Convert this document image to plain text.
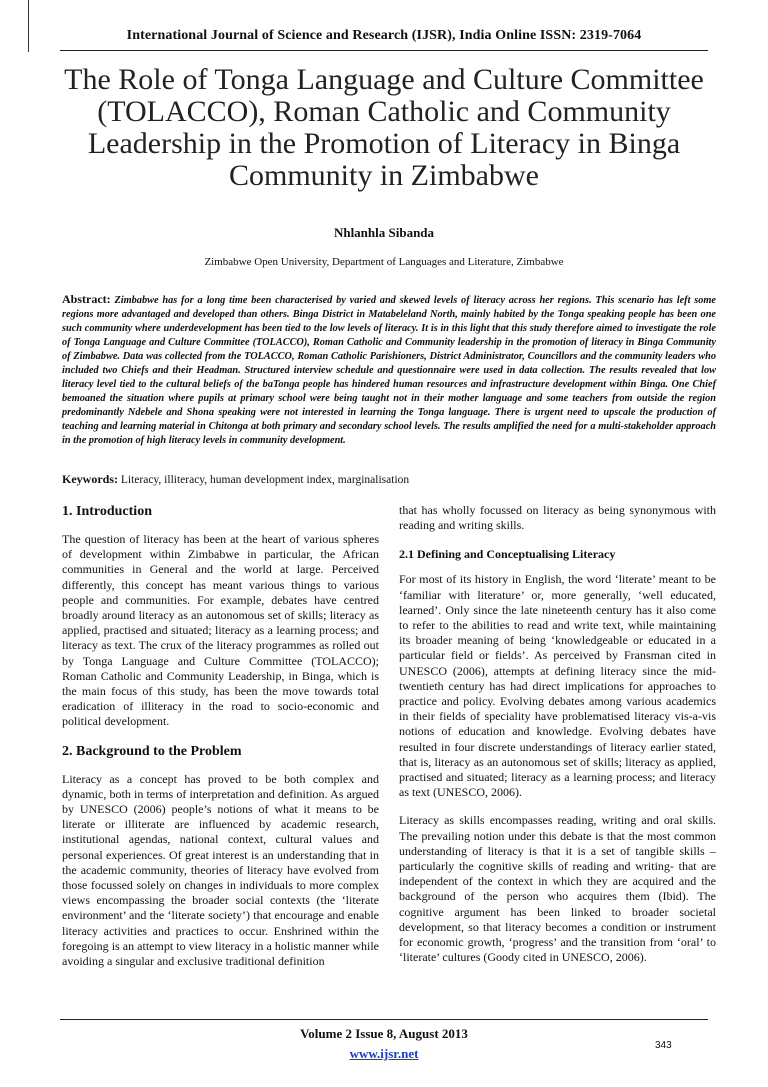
International Journal of Science and Research (IJSR), India Online ISSN: 2319-7064
The Role of Tonga Language and Culture Committee (TOLACCO), Roman Catholic and Community Leadership in the Promotion of Literacy in Binga Community in Zimbabwe
Nhlanhla Sibanda
Zimbabwe Open University, Department of Languages and Literature, Zimbabwe

Abstract: Zimbabwe has for a long time been characterised by varied and skewed levels of literacy across her regions. This scenario has left some regions more advantaged and developed than others. Binga District in Matabeleland North, mainly habited by the Tonga speaking people has been one such community where underdevelopment has been tied to the low levels of literacy. It is in this light that this study therefore aimed to investigate the role of Tonga Language and Culture Committee (TOLACCO), Roman Catholic and Community leadership in the promotion of literacy in Binga Community of Zimbabwe. Data was collected from the TOLACCO, Roman Catholic Parishioners, District Administrator, Councillors and the community leaders who included two Chiefs and their Headman. Structured interview schedule and questionnaire were used in data collection. The results revealed that low literacy level tied to the cultural beliefs of the baTonga people has hindered human resources and infrastructure development within Binga. One Chief bemoaned the situation where pupils at primary school were being taught not in their mother language and some teachers from outside the region predominantly Ndebele and Shona speaking were not interested in learning the Tonga language. There is urgent need to upscale the production of teaching and learning material in Chitonga at both primary and secondary school levels. The results amplified the need for a multi-stakeholder approach in the promotion of high literacy levels in community development.

Keywords: Literacy, illiteracy, human development index, marginalisation

1. Introduction

The question of literacy has been at the heart of various spheres of development within Zimbabwe in particular, the African communities in General and the world at large. Perceived differently, this concept has meant various things to various people and communities. For example, debates have centred broadly around literacy as an autonomous set of skills; literacy as applied, practised and situated; literacy as a learning process; and literacy as text. The crux of the literacy programmes as rolled out by Tonga Language and Culture Committee (TOLACCO); Roman Catholic and Community Leadership, in Binga, which is the main focus of this study, has been the move towards total eradication of illiteracy in the road to socio-economic and political development.

2. Background to the Problem

Literacy as a concept has proved to be both complex and dynamic, both in terms of interpretation and definition. As argued by UNESCO (2006) people’s notions of what it means to be literate or illiterate are influenced by academic research, institutional agendas, national context, cultural values and personal experiences. Of great interest is an understanding that in the academic community, theories of literacy have evolved from those focussed solely on changes in individuals to more complex views encompassing the broader social contexts (the ‘literate environment’ and the ‘literate society’) that encourage and enable literacy activities and practices to occur. Enshrined within the foregoing is an attempt to view literacy in a holistic manner while avoiding a singular and exclusive traditional definition

that has wholly focussed on literacy as being synonymous with reading and writing skills.

2.1 Defining and Conceptualising Literacy

For most of its history in English, the word ‘literate’ meant to be ‘familiar with literature’ or, more generally, ‘well educated, learned’. Only since the late nineteenth century has it also come to refer to the abilities to read and write text, while maintaining its broader meaning of being ‘knowledgeable or educated in a particular field or fields’. As perceived by Fransman cited in UNESCO (2006), attempts at defining literacy since the mid-twentieth century has had direct implications for approaches to practice and policy. Evolving debates among various academics in their fields of speciality have problematised literacy vis-a-vis notions of education and knowledge. Evolving debates have resulted in four discrete understandings of literacy earlier stated, that is, literacy as an autonomous set of skills; literacy as applied, practised and situated; literacy as a learning process; and literacy as text (UNESCO, 2006).

Literacy as skills encompasses reading, writing and oral skills. The prevailing notion under this debate is that the most common understanding of literacy is that it is a set of tangible skills – particularly the cognitive skills of reading and writing- that are independent of the context in which they are acquired and the background of the person who acquires them (Ibid). The cognitive argument has been linked to broader societal development, so that literacy becomes a condition or instrument for economic growth, ‘progress’ and the transition from ‘oral’ to ‘literate’ cultures (Goody cited in UNESCO, 2006).

Volume 2 Issue 8, August 2013
www.ijsr.net
343
